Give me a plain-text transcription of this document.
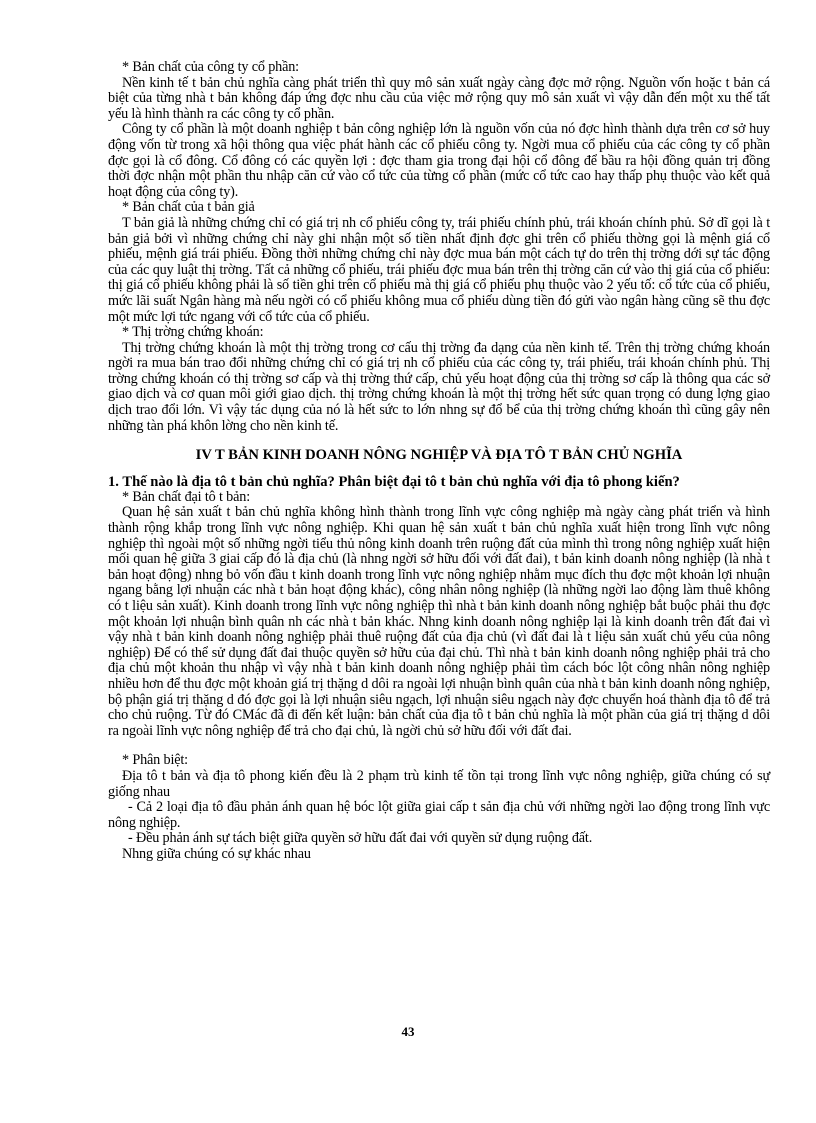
* Bản chất của công ty cổ phần:

Nền kinh tế t bản chủ nghĩa càng phát triển thì quy mô sản xuất ngày càng đợc mở rộng. Nguồn vốn hoặc t bản cá biệt của từng nhà t bản không đáp ứng đợc nhu cầu của việc mở rộng quy mô sản xuất vì vậy dẫn đến một xu thế tất yếu là hình thành ra các công ty cổ phần.

Công ty cổ phần là một doanh nghiệp t bản công nghiệp lớn là nguồn vốn của nó đợc hình thành dựa trên cơ sở huy động vốn từ trong xã hội thông qua việc phát hành các cổ phiếu công ty. Ngời mua cổ phiếu của các công ty cổ phần đợc gọi là cổ đông. Cổ đông có các quyền lợi : đợc tham gia trong đại hội cổ đông để bầu ra hội đồng quản trị đồng thời đợc nhận một phần thu nhập căn cứ vào cổ tức của từng cổ phần (mức cổ tức cao hay thấp phụ thuộc vào kết quả hoạt động của công ty).

* Bản chất của t bản giả

T bản giả là những chứng chỉ có giá trị nh cổ phiếu công ty, trái phiếu chính phủ, trái khoán chính phủ. Sở dĩ gọi là t bản giả bởi vì những chứng chỉ này ghi nhận một số tiền nhất định đợc ghi trên cổ phiếu thờng gọi là mệnh giá cổ phiếu, mệnh giá trái phiếu. Đồng thời những chứng chỉ này đợc mua bán một cách tự do trên thị trờng dới sự tác động của các quy luật thị trờng. Tất cả những cổ phiếu, trái phiếu đợc mua bán trên thị trờng căn cứ vào thị giá của cổ phiếu: thị giá cổ phiếu không phải là số tiền ghi trên cổ phiếu mà thị giá cổ phiếu phụ thuộc vào 2 yếu tố: cổ tức của cổ phiếu, mức lãi suất Ngân hàng mà nếu ngời có cổ phiếu không mua cổ phiếu dùng tiền đó gửi vào ngân hàng cũng sẽ thu đợc một mức lợi tức ngang với cổ tức của cổ phiếu.

* Thị trờng chứng khoán:

Thị trờng chứng khoán là một thị trờng trong cơ cấu thị trờng đa dạng của nền kinh tế. Trên thị trờng chứng khoán ngời ra mua bán trao đổi những chứng chỉ có giá trị nh cổ phiếu của các công ty, trái phiếu, trái khoán chính phủ. Thị trờng chứng khoán có thị trờng sơ cấp và thị trờng thứ cấp, chủ yếu hoạt động của thị trờng sơ cấp là thông qua các sở giao dịch và cơ quan môi giới giao dịch. thị trờng chứng khoán là một thị trờng hết sức quan trọng có dung lợng giao dịch trao đổi lớn. Vì vậy tác dụng của nó là hết sức to lớn nhng sự đổ bể của thị trờng chứng khoán thì cũng gây nên những tàn phá khôn lờng cho nền kinh tế.

IV T BẢN KINH DOANH NÔNG NGHIỆP VÀ ĐỊA TÔ T BẢN CHỦ NGHĨA
1. Thế nào là địa tô t bản chủ nghĩa? Phân biệt đại tô t bản chủ nghĩa với địa tô phong kiến?

* Bản chất đại tô t bản:

Quan hệ sản xuất t bản chủ nghĩa không hình thành trong lĩnh vực công nghiệp mà ngày càng phát triển và hình thành rộng khắp trong lĩnh vực nông nghiệp. Khi quan hệ sản xuất t bản chủ nghĩa xuất hiện trong lĩnh vực nông nghiệp thì ngoài một số những ngời tiểu thủ nông kinh doanh trên ruộng đất của mình thì trong nông nghiệp xuất hiện mối quan hệ giữa 3 giai cấp đó là địa chủ (là nhng ngời sở hữu đối với đất đai), t bản kinh doanh nông nghiệp (là nhà t bản hoạt động) nhng bỏ vốn đầu t kinh doanh trong lĩnh vực nông nghiệp nhằm mục đích thu đợc một khoản lợi nhuận ngang bằng lợi nhuận các nhà t bản hoạt động khác), công nhân nông nghiệp (là những ngời lao động làm thuê không có t liệu sản xuất). Kinh doanh trong lĩnh vực nông nghiệp thì nhà t bản kinh doanh nông nghiệp bắt buộc phải thu đợc một khoản lợi nhuận bình quân nh các nhà t bản khác. Nhng kinh doanh nông nghiệp lại là kinh doanh trên đất đai vì vậy nhà t bản kinh doanh nông nghiệp phải thuê ruộng đất của địa chủ (vì đất đai là t liệu sản xuất chủ yếu của nông nghiệp) Để có thể sử dụng đất đai thuộc quyền sở hữu của đại chủ. Thì nhà t bản kinh doanh nông nghiệp phải trả cho địa chủ một khoản thu nhập vì vậy nhà t bản kinh doanh nông nghiệp phải tìm cách bóc lột công nhân nông nghiệp nhiều hơn để thu đợc một khoản giá trị thặng d dôi ra ngoài lợi nhuận bình quân của nhà t bản kinh doanh nông nghiệp, bộ phận giá trị thặng d đó đợc gọi là lợi nhuận siêu ngạch, lợi nhuận siêu ngạch này đợc chuyển hoá thành địa tô để trả cho chủ ruộng. Từ đó CMác đã đi đến kết luận: bản chất của địa tô t bản chủ nghĩa là một phần của giá trị thặng d dôi ra ngoài lĩnh vực nông nghiệp để trả cho đại chủ, là ngời chủ sở hữu đối với đất đai.

* Phân biệt:

Địa tô t bản và địa tô phong kiến đều là 2 phạm trù kinh tế tồn tại trong lĩnh vực nông nghiệp, giữa chúng có sự giống nhau

- Cả 2 loại địa tô đầu phản ánh quan hệ bóc lột giữa giai cấp t sản địa chủ với những ngời lao động trong lĩnh vực nông nghiệp.

- Đều phản ánh sự tách biệt giữa quyền sở hữu đất đai với quyền sử dụng ruộng đất.

Nhng giữa chúng có sự khác nhau

43
